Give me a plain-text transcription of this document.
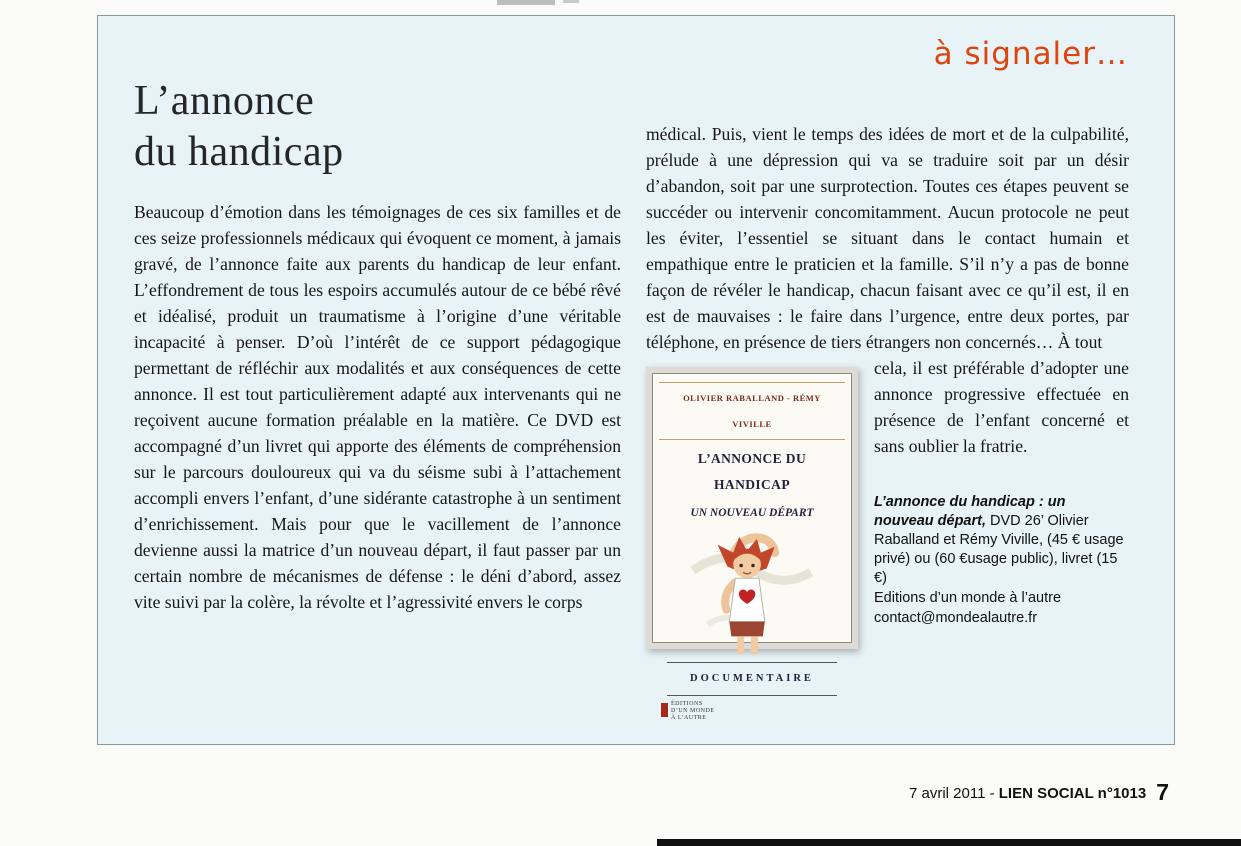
à signaler…
L’annonce
du handicap

Beaucoup d’émotion dans les témoignages de ces six familles et de ces seize professionnels médicaux qui évoquent ce moment, à jamais gravé, de l’annonce faite aux parents du handicap de leur enfant. L’effondrement de tous les espoirs accumulés autour de ce bébé rêvé et idéalisé, produit un traumatisme à l’origine d’une véritable incapacité à penser. D’où l’intérêt de ce support pédagogique permettant de réfléchir aux modalités et aux conséquences de cette annonce. Il est tout particulièrement adapté aux intervenants qui ne reçoivent aucune formation préalable en la matière. Ce DVD est accompagné d’un livret qui apporte des éléments de compréhension sur le parcours douloureux qui va du séisme subi à l’attachement accompli envers l’enfant, d’une sidérante catastrophe à un sentiment d’enrichissement. Mais pour que le vacillement de l’annonce devienne aussi la matrice d’un nouveau départ, il faut passer par un certain nombre de mécanismes de défense : le déni d’abord, assez vite suivi par la colère, la révolte et l’agressivité envers le corps

médical. Puis, vient le temps des idées de mort et de la culpabilité, prélude à une dépression qui va se traduire soit par un désir d’abandon, soit par une surprotection. Toutes ces étapes peuvent se succéder ou intervenir concomitamment. Aucun protocole ne peut les éviter, l’essentiel se situant dans le contact humain et empathique entre le praticien et la famille. S’il n’y a pas de bonne façon de révéler le handicap, chacun faisant avec ce qu’il est, il en est de mauvaises : le faire dans l’urgence, entre deux portes, par téléphone, en présence de tiers étrangers non concernés… À tout

OLIVIER RABALLAND - RÉMY VIVILLE
L’ANNONCE DU HANDICAP
UN NOUVEAU DÉPART
DOCUMENTAIRE
ÉDITIONS
D’UN MONDE
À L’AUTRE

cela, il est préférable d’adopter une annonce progressive effectuée en présence de l’enfant concerné et sans oublier la fratrie.

L’annonce du handicap : un nouveau départ, DVD 26’ Olivier Raballand et Rémy Viville, (45 € usage privé) ou (60 €usage public), livret (15 €)
Editions d’un monde à l’autre
contact@mondealautre.fr
7 avril 2011 - LIEN SOCIAL n°1013 7
